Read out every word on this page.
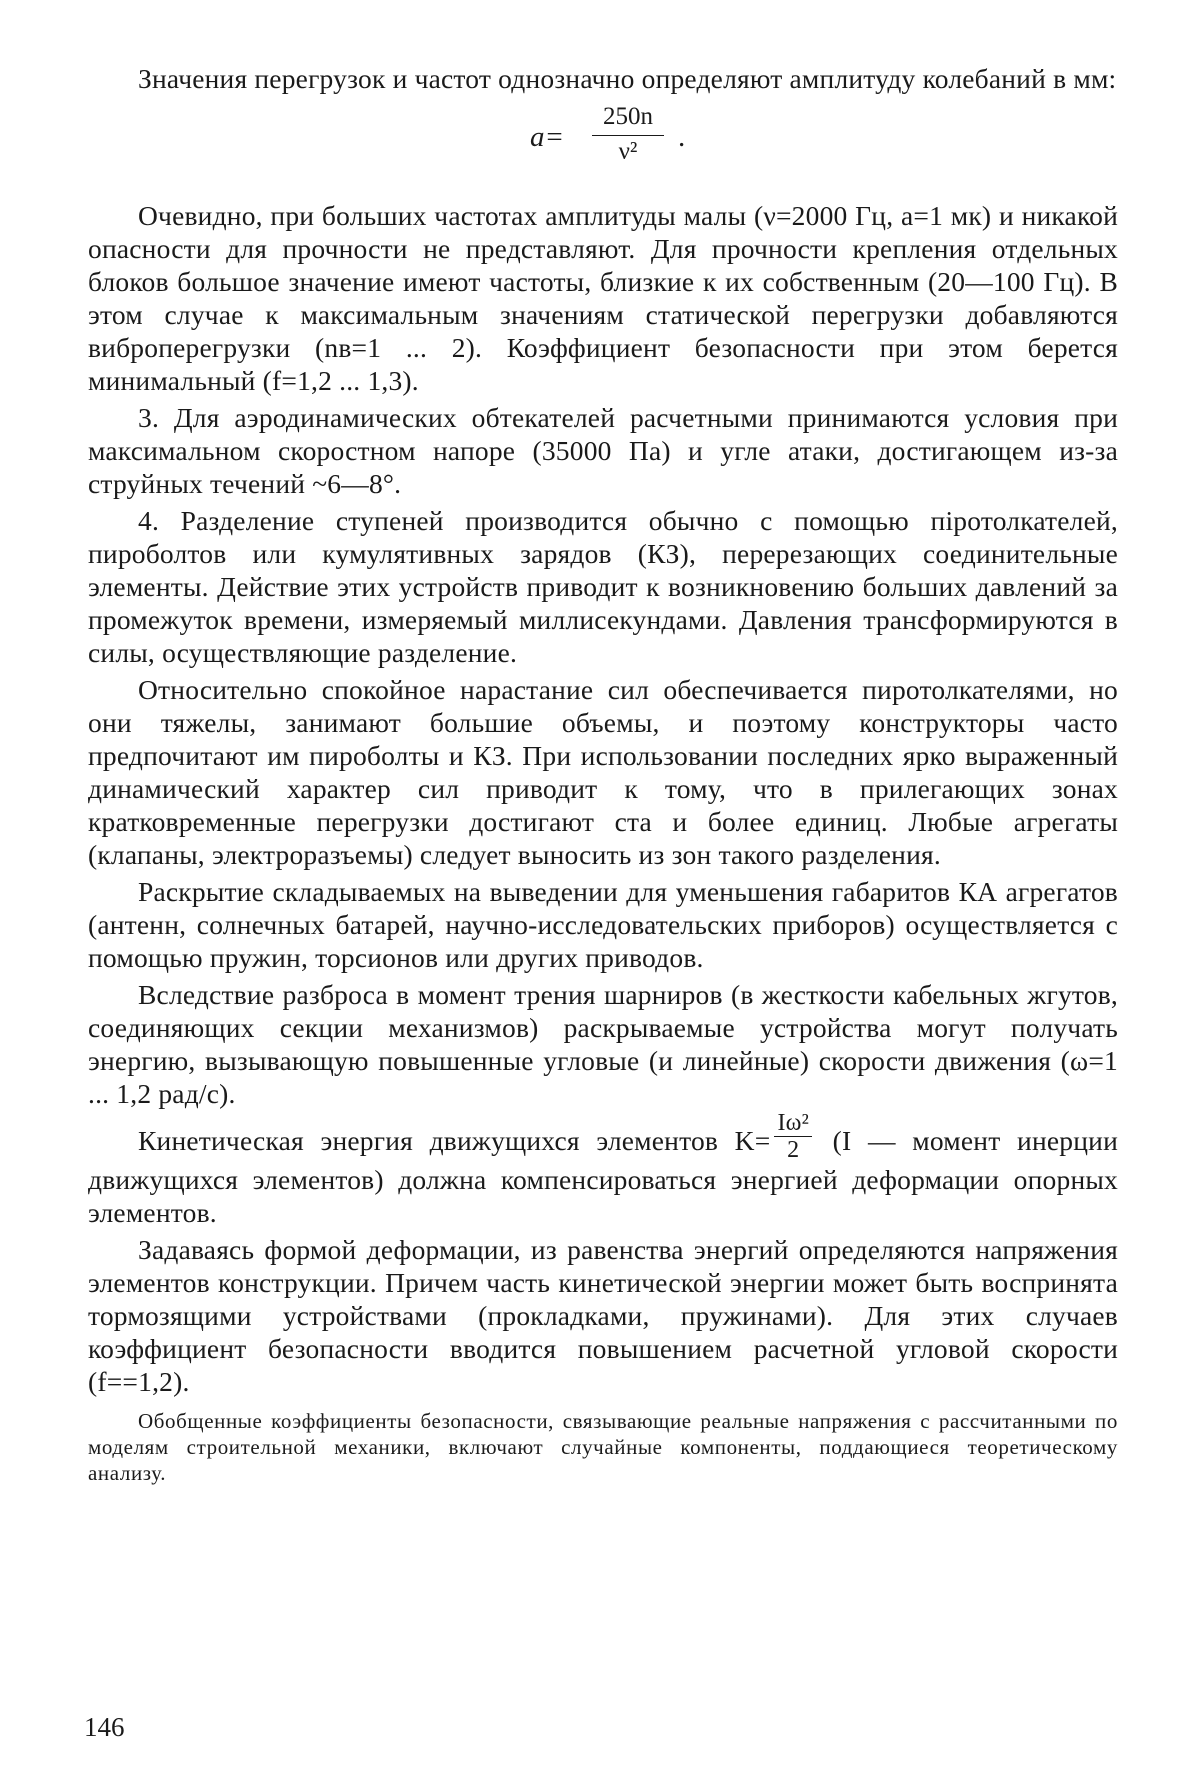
Значения перегрузок и частот однозначно определяют амплитуду колебаний в мм:

a=
250n
ν²	.

Очевидно, при больших частотах амплитуды малы (ν=2000 Гц, a=1 мк) и никакой опасности для прочности не представляют. Для прочности крепления отдельных блоков большое значение имеют частоты, близкие к их собственным (20—100 Гц). В этом случае к максимальным значениям статической перегрузки добавляются виброперегрузки (nв=1 ... 2). Коэффициент безопасности при этом берется минимальный (f=1,2 ... 1,3).

3. Для аэродинамических обтекателей расчетными принимаются условия при максимальном скоростном напоре (35000 Па) и угле атаки, достигающем из-за струйных течений ~6—8°.

4. Разделение ступеней производится обычно с помощью піротолкателей, пироболтов или кумулятивных зарядов (КЗ), перерезающих соединительные элементы. Действие этих устройств приводит к возникновению больших давлений за промежуток времени, измеряемый миллисекундами. Давления трансформируются в силы, осуществляющие разделение.

Относительно спокойное нарастание сил обеспечивается пиротолкателями, но они тяжелы, занимают большие объемы, и поэтому конструкторы часто предпочитают им пироболты и КЗ. При использовании последних ярко выраженный динамический характер сил приводит к тому, что в прилегающих зонах кратковременные перегрузки достигают ста и более единиц. Любые агрегаты (клапаны, электроразъемы) следует выносить из зон такого разделения.

Раскрытие складываемых на выведении для уменьшения габаритов КА агрегатов (антенн, солнечных батарей, научно-исследовательских приборов) осуществляется с помощью пружин, торсионов или других приводов.

Вследствие разброса в момент трения шарниров (в жесткости кабельных жгутов, соединяющих секции механизмов) раскрываемые устройства могут получать энергию, вызывающую повышенные угловые (и линейные) скорости движения (ω=1 ... 1,2 рад/с).

Кинетическая энергия движущихся элементов $K= \frac{\text{Iω²}}{2} (I$ — момент инерции движущихся элементов) должна компенсироваться энергией деформации опорных элементов.

Задаваясь формой деформации, из равенства энергий определяются напряжения элементов конструкции. Причем часть кинетической энергии может быть воспринята тормозящими устройствами (прокладками, пружинами). Для этих случаев коэффициент безопасности вводится повышением расчетной угловой скорости (f==1,2).

Обобщенные коэффициенты безопасности, связывающие реальные напряжения с рассчитанными по моделям строительной механики, включают случайные компоненты, поддающиеся теоретическому анализу.

146
